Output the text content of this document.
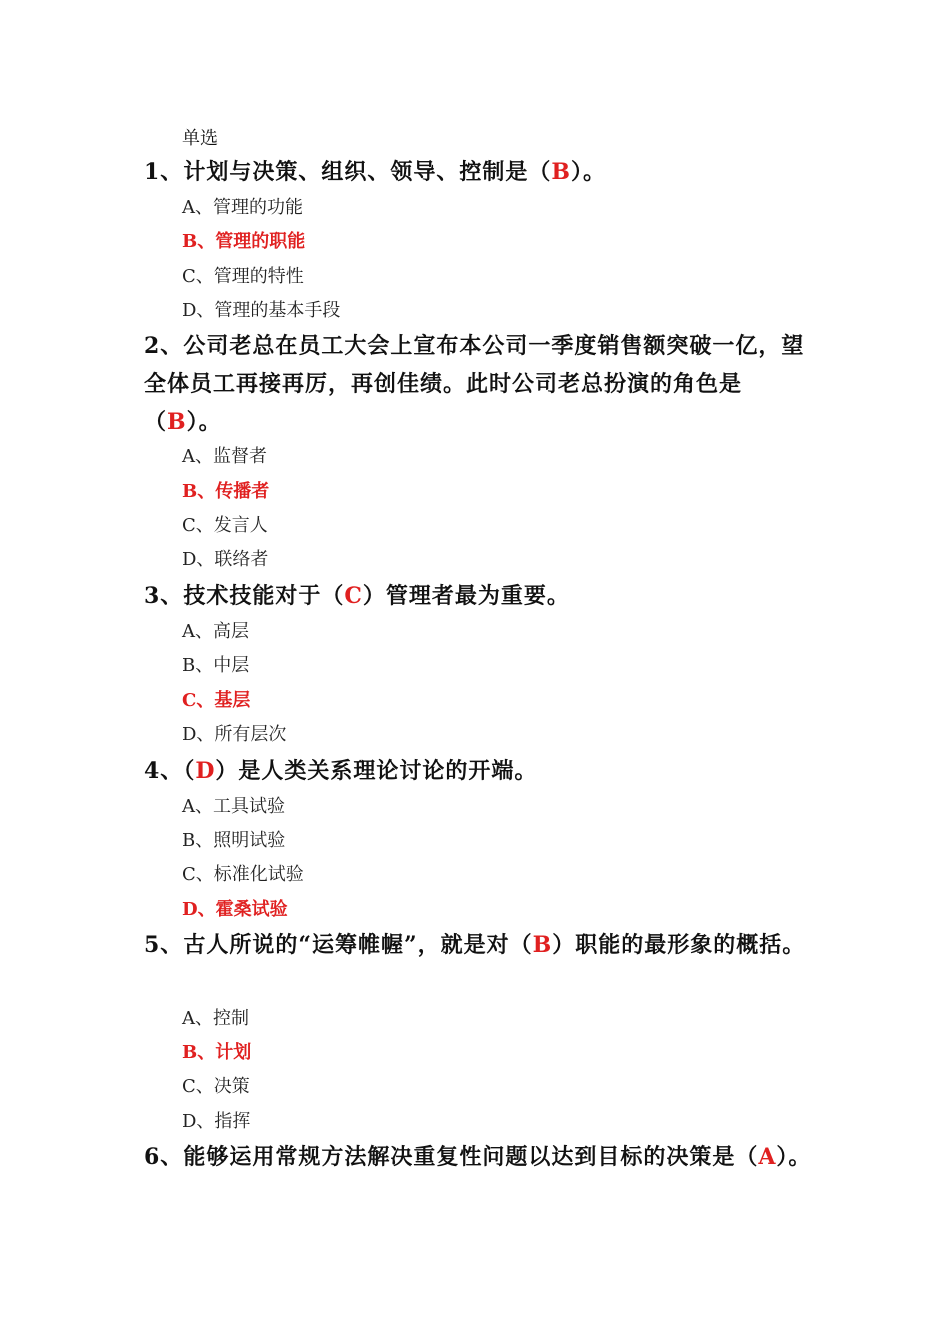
单选
1、计划与决策、组织、领导、控制是（B）。
A、管理的功能
B、管理的职能
C、管理的特性
D、管理的基本手段
2、公司老总在员工大会上宣布本公司一季度销售额突破一亿，望全体员工再接再厉，再创佳绩。此时公司老总扮演的角色是（B）。
A、监督者
B、传播者
C、发言人
D、联络者
3、技术技能对于（C）管理者最为重要。
A、高层
B、中层
C、基层
D、所有层次
4、（D）是人类关系理论讨论的开端。
A、工具试验
B、照明试验
C、标准化试验
D、霍桑试验
5、古人所说的“运筹帷幄”，就是对（B）职能的最形象的概括。
A、控制
B、计划
C、决策
D、指挥
6、能够运用常规方法解决重复性问题以达到目标的决策是（A）。
